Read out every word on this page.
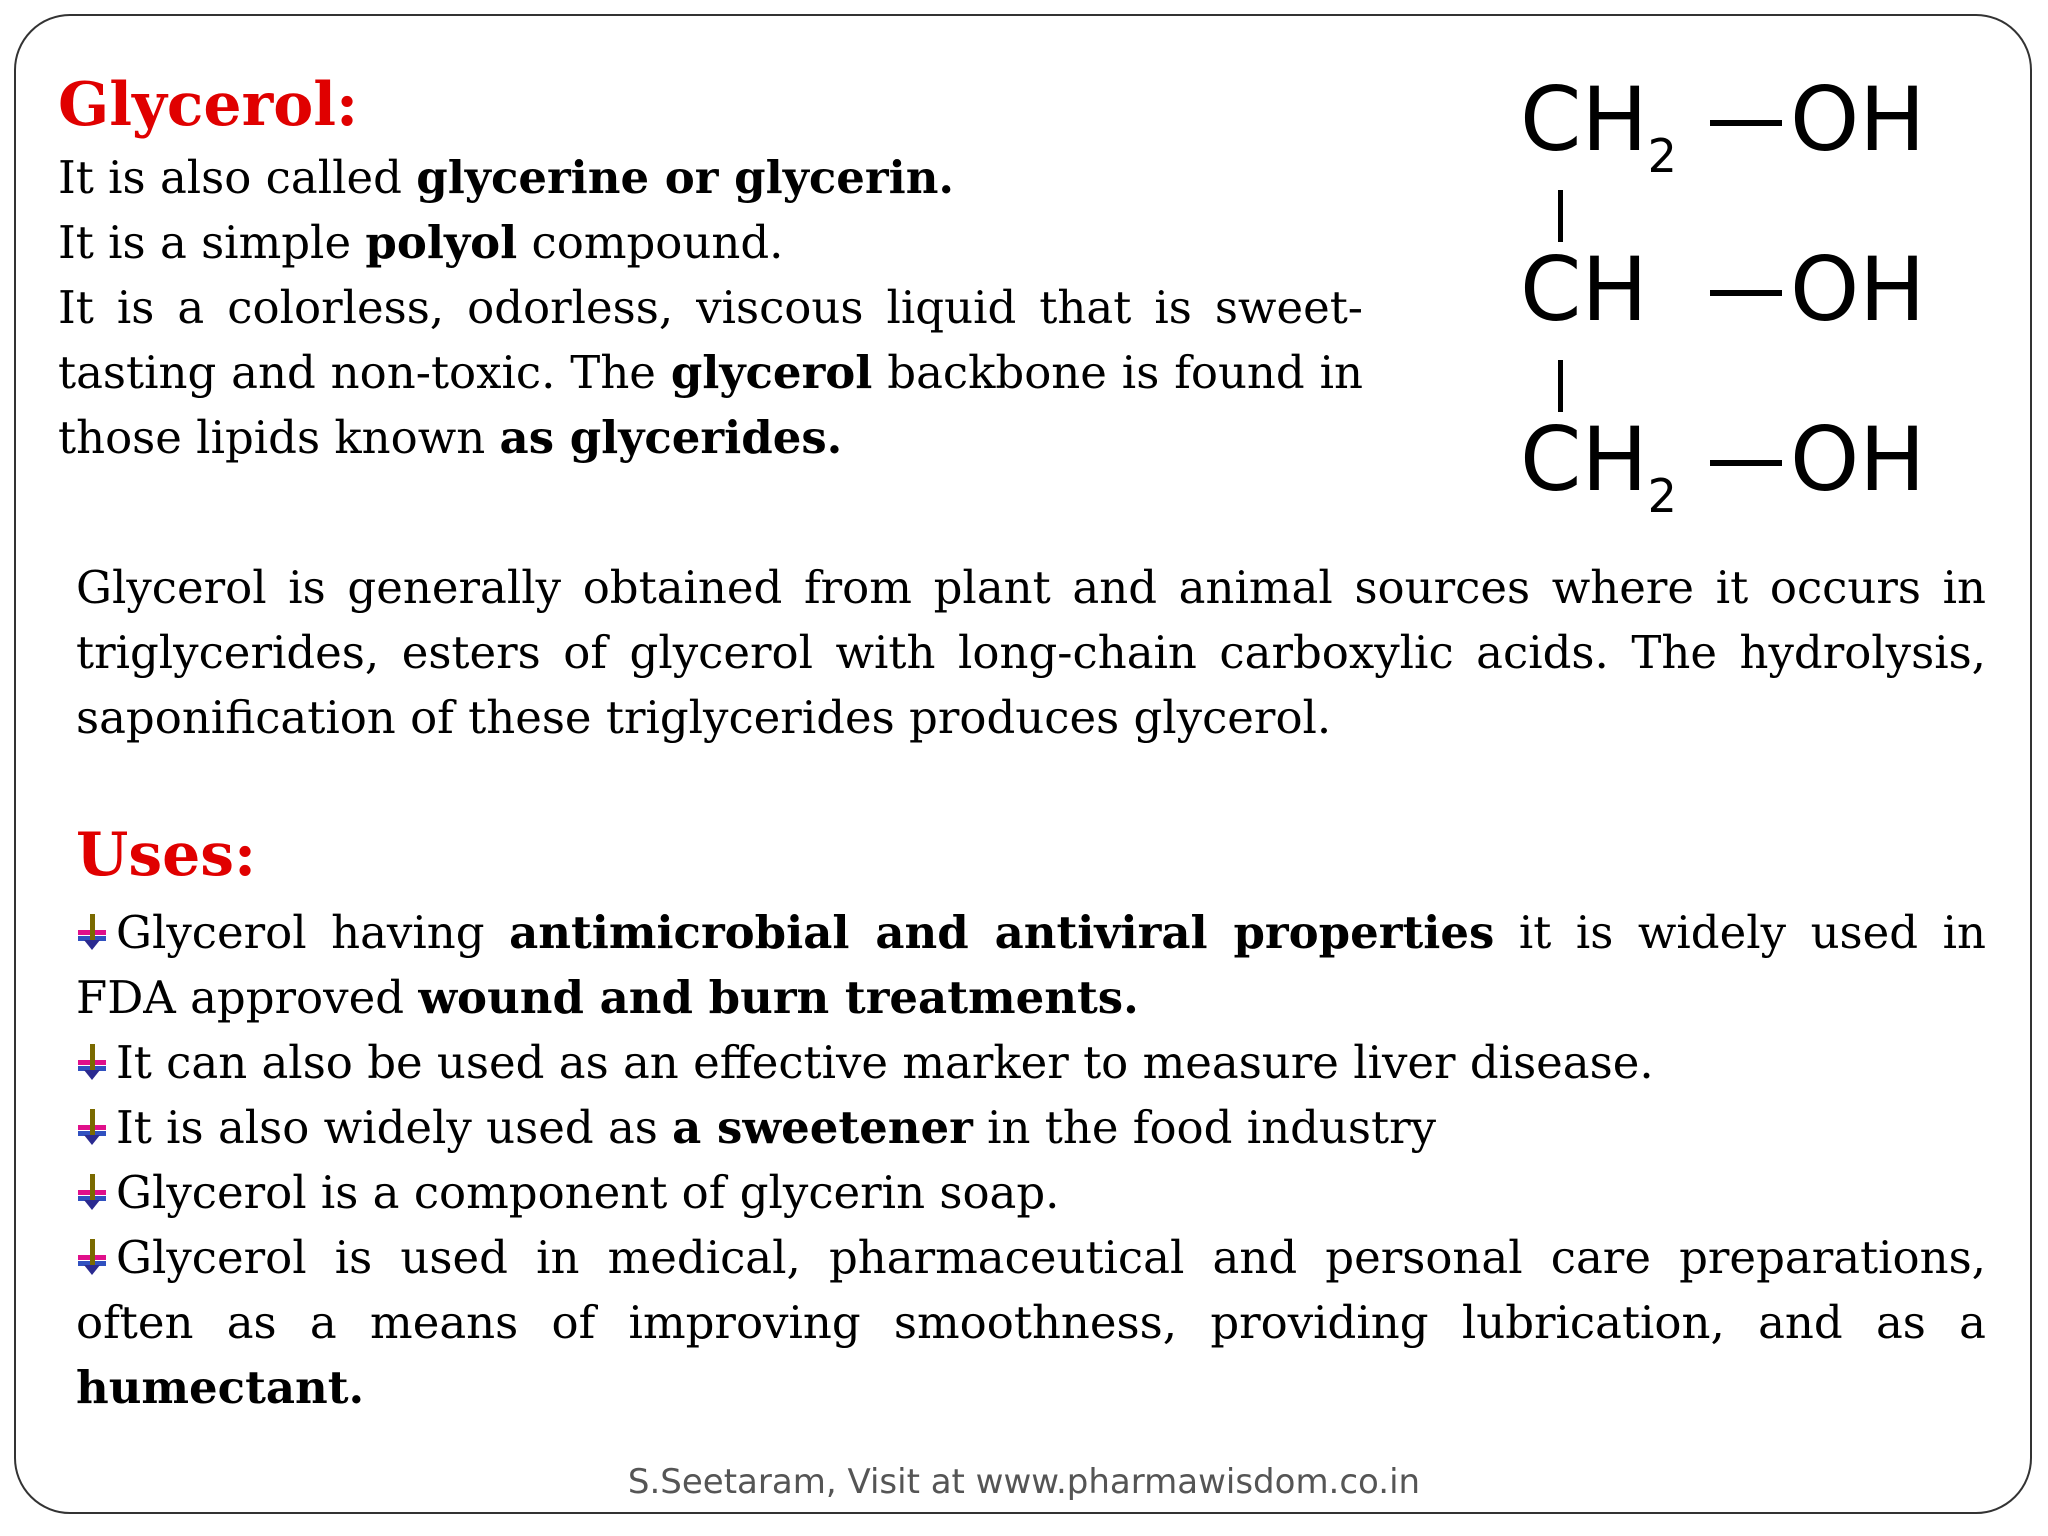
Glycerol:
It is also called glycerine or glycerin.
It is a simple polyol compound.
It is a colorless, odorless, viscous liquid that is sweet-tasting and non-toxic. The glycerol backbone is found in those lipids known as glycerides.
$CH_2$ OH
CH OH
$CH_2$ OH

Glycerol is generally obtained from plant and animal sources where it occurs in triglycerides, esters of glycerol with long-chain carboxylic acids. The hydrolysis, saponification of these triglycerides produces glycerol.

Uses:

Glycerol having antimicrobial and antiviral properties it is widely used in FDA approved wound and burn treatments.

It can also be used as an effective marker to measure liver disease.

It is also widely used as a sweetener in the food industry

Glycerol is a component of glycerin soap.

Glycerol is used in medical, pharmaceutical and personal care preparations, often as a means of improving smoothness, providing lubrication, and as a humectant.

S.Seetaram, Visit at www.pharmawisdom.co.in
